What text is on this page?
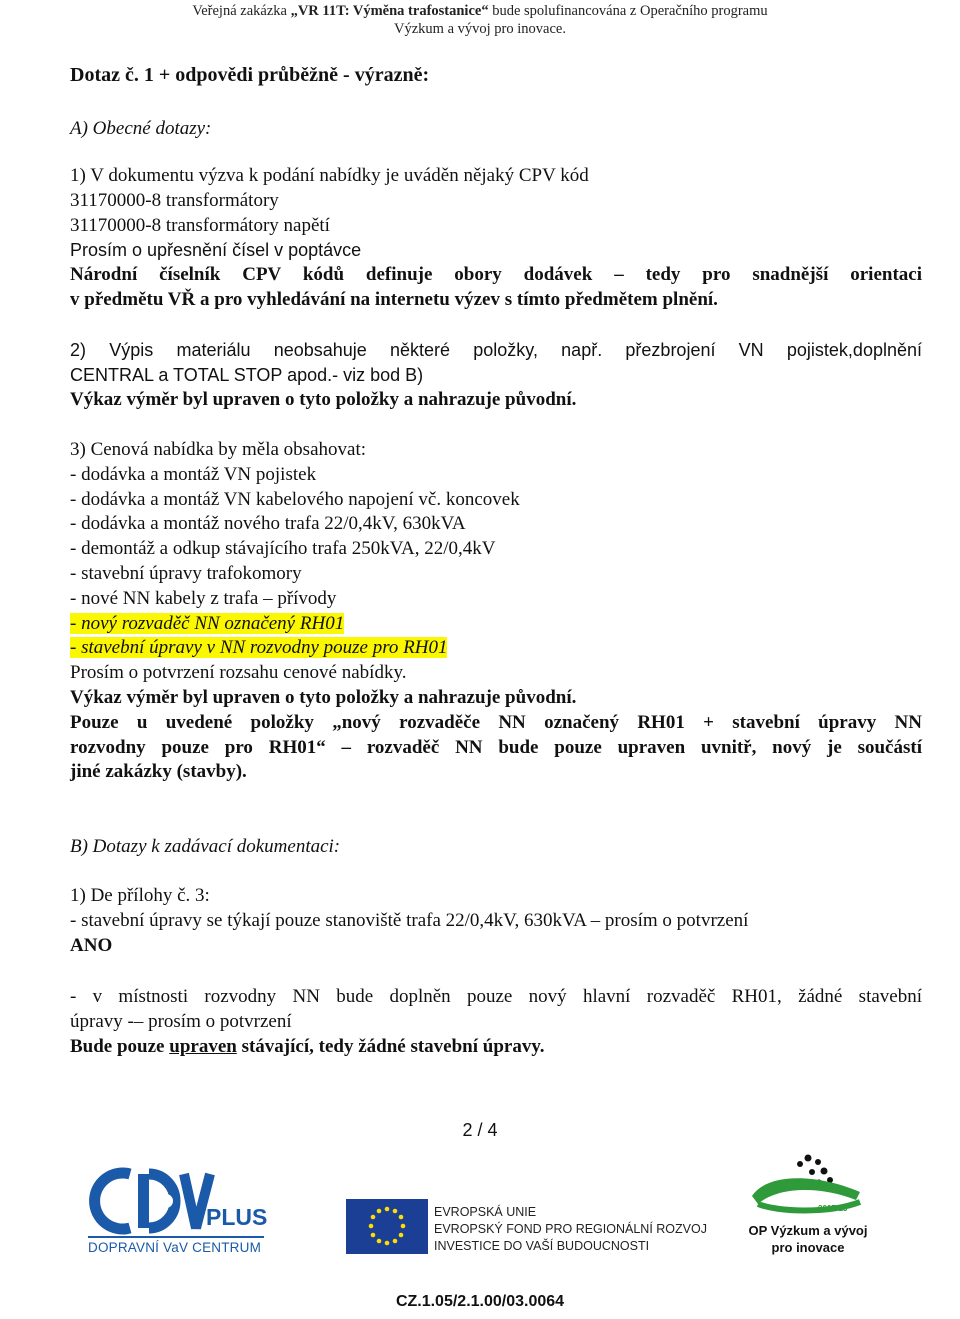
Veřejná zakázka „VR 11T: Výměna trafostanice“ bude spolufinancována z Operačního programu
Výzkum a vývoj pro inovace.

Dotaz č. 1 + odpovědi průběžně - výrazně:

A) Obecné dotazy:

1) V dokumentu výzva k podání nabídky je uváděn nějaký CPV kód
31170000-8 transformátory
31170000-8 transformátory napětí
Prosím o upřesnění čísel v poptávce
Národní číselník CPV kódů definuje obory dodávek – tedy pro snadnější orientaci
v předmětu VŘ a pro vyhledávání na internetu výzev s tímto předmětem plnění.
2) Výpis materiálu neobsahuje některé položky, např. přezbrojení VN pojistek,doplnění
CENTRAL a TOTAL STOP apod.- viz bod B)
Výkaz výměr byl upraven o tyto položky a nahrazuje původní.
3) Cenová nabídka by měla obsahovat:
- dodávka a montáž VN pojistek
- dodávka a montáž VN kabelového napojení vč. koncovek
- dodávka a montáž nového trafa 22/0,4kV, 630kVA
- demontáž a odkup stávajícího trafa 250kVA, 22/0,4kV
- stavební úpravy trafokomory
- nové NN kabely z trafa – přívody
- nový rozvaděč NN označený RH01
- stavební úpravy v NN rozvodny pouze pro RH01
Prosím o potvrzení rozsahu cenové nabídky.
Výkaz výměr byl upraven o tyto položky a nahrazuje původní.
Pouze u uvedené položky „nový rozvaděče NN označený RH01 + stavební úpravy NN
rozvodny pouze pro RH01“ – rozvaděč NN bude pouze upraven uvnitř, nový je součástí
jiné zakázky (stavby).

B) Dotazy k zadávací dokumentaci:

1) De přílohy č. 3:
- stavební úpravy se týkají pouze stanoviště trafa 22/0,4kV, 630kVA – prosím o potvrzení
ANO
- v místnosti rozvodny NN bude doplněn pouze nový hlavní rozvaděč RH01, žádné stavební
úpravy -– prosím o potvrzení
Bude pouze upraven stávající, tedy žádné stavební úpravy.
2 / 4
PLUS
DOPRAVNÍ VaV CENTRUM
EVROPSKÁ UNIE
EVROPSKÝ FOND PRO REGIONÁLNÍ ROZVOJ
INVESTICE DO VAŠÍ BUDOUCNOSTI
2007-13
OP Výzkum a vývoj
pro inovace
CZ.1.05/2.1.00/03.0064
